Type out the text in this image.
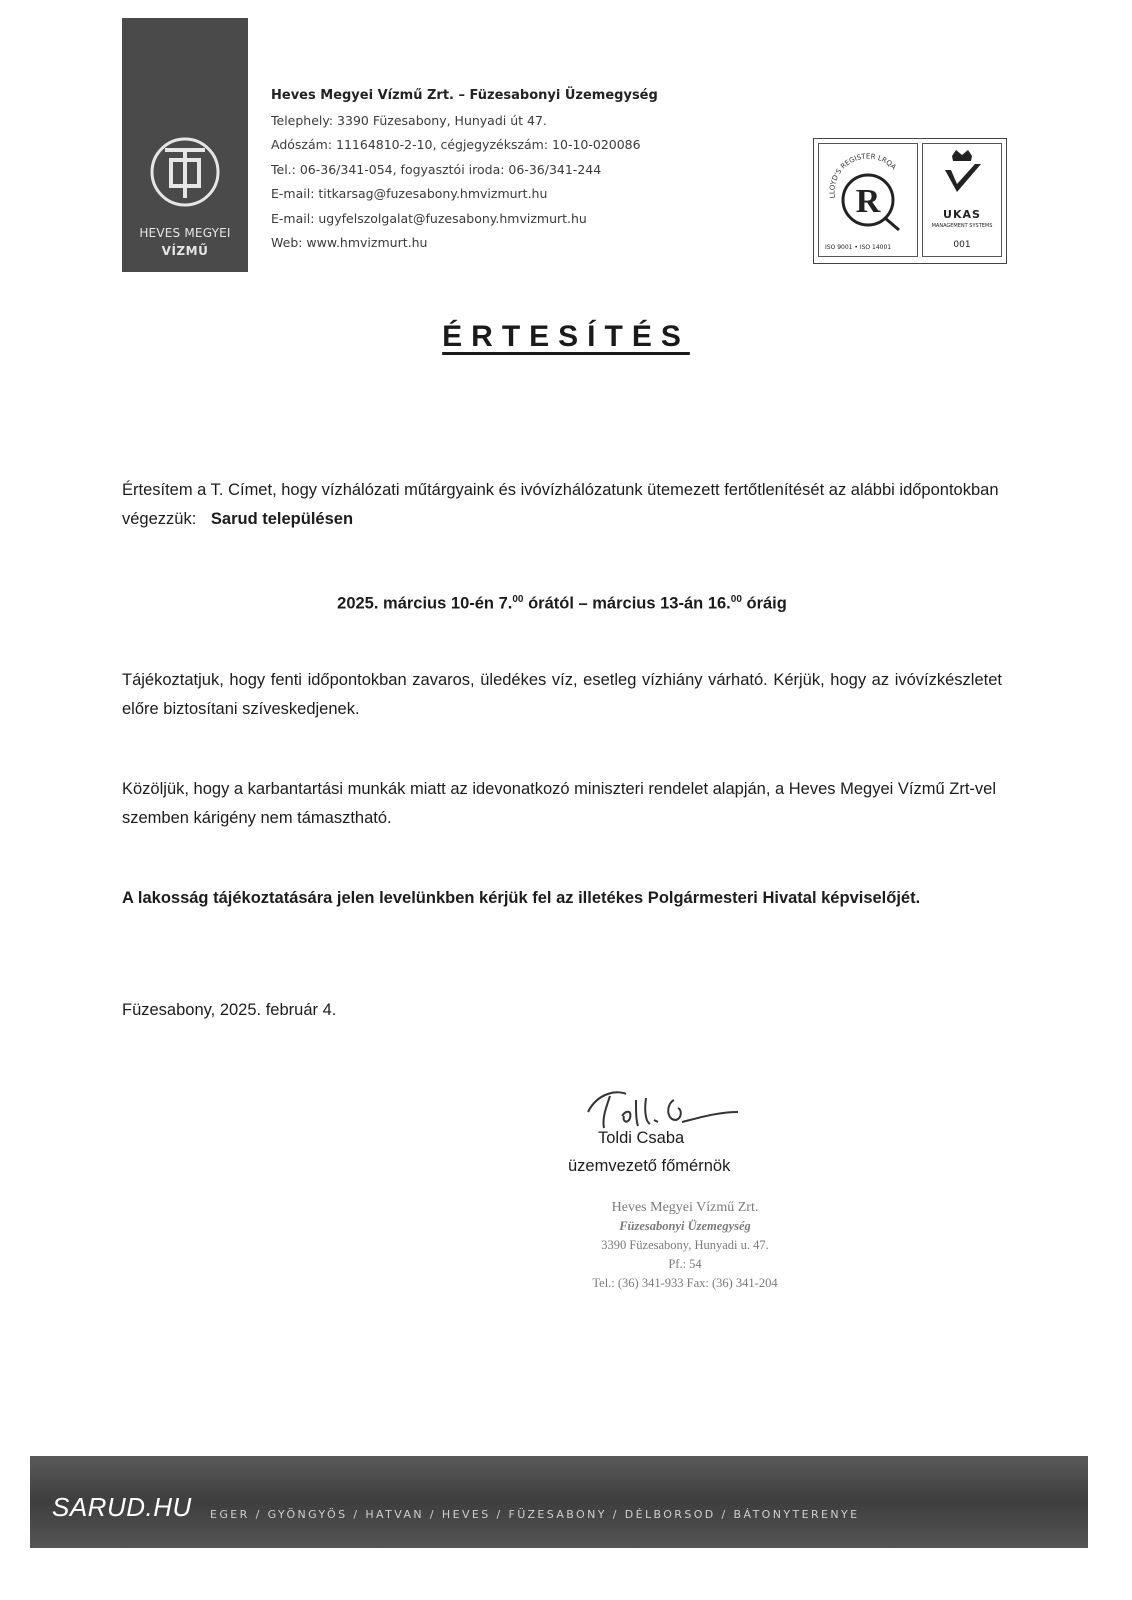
HEVES MEGYEI
VÍZMŰ
Heves Megyei Vízmű Zrt. – Füzesabonyi Üzemegység
Telephely: 3390 Füzesabony, Hunyadi út 47.
Adószám: 11164810-2-10, cégjegyzékszám: 10-10-020086
Tel.: 06-36/341-054, fogyasztói iroda: 06-36/341-244
E-mail: titkarsag@fuzesabony.hmvizmurt.hu
E-mail: ugyfelszolgalat@fuzesabony.hmvizmurt.hu
Web: www.hmvizmurt.hu
LLOYD'S REGISTER LRQA
R
ISO 9001 • ISO 14001
UKAS
MANAGEMENT SYSTEMS
001
ÉRTESÍTÉS
Értesítem a T. Címet, hogy vízhálózati műtárgyaink és ivóvízhálózatunk ütemezett fertőtlenítését az alábbi időpontokban végezzük: Sarud településen
2025. március 10-én 7.00 órától – március 13-án 16.00 óráig
Tájékoztatjuk, hogy fenti időpontokban zavaros, üledékes víz, esetleg vízhiány várható. Kérjük, hogy az ivóvízkészletet előre biztosítani szíveskedjenek.
Közöljük, hogy a karbantartási munkák miatt az idevonatkozó miniszteri rendelet alapján, a Heves Megyei Vízmű Zrt-vel szemben kárigény nem támasztható.
A lakosság tájékoztatására jelen levelünkben kérjük fel az illetékes Polgármesteri Hivatal képviselőjét.
Füzesabony, 2025. február 4.
Toldi Csaba
üzemvezető főmérnök
Heves Megyei Vízmű Zrt.
Füzesabonyi Üzemegység
3390 Füzesabony, Hunyadi u. 47.
Pf.: 54
Tel.: (36) 341-933 Fax: (36) 341-204
SARUD.HU EGER / GYÖNGYÖS / HATVAN / HEVES / FÜZESABONY / DÉLBORSOD / BÁTONYTERENYE
